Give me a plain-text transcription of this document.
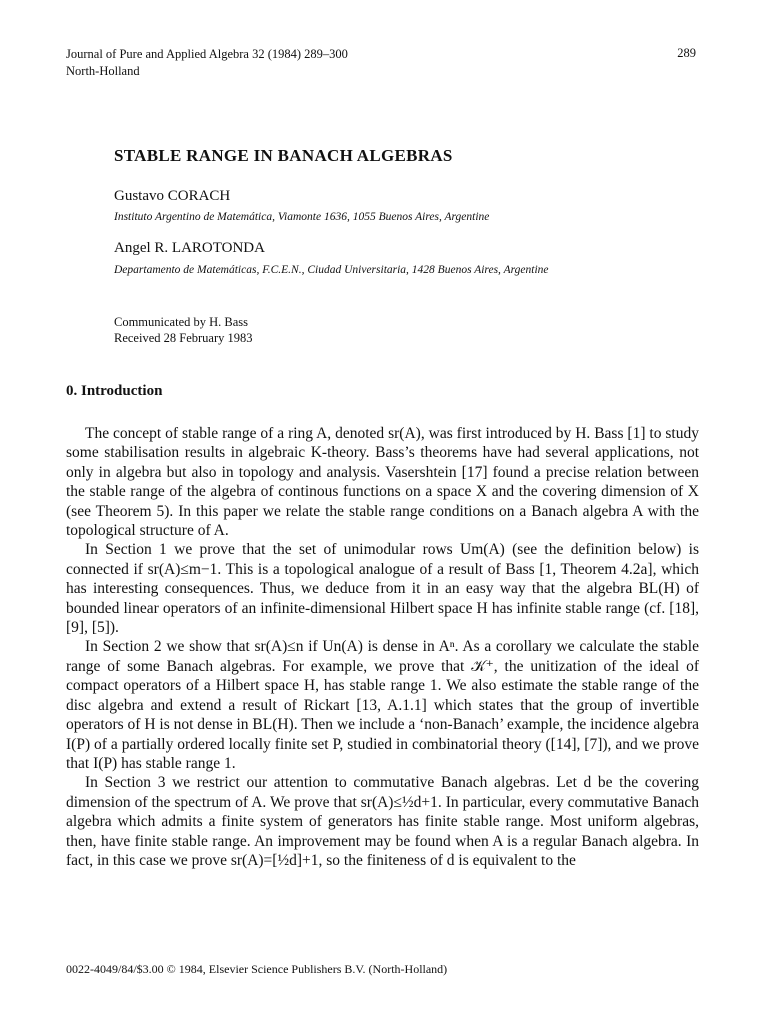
Journal of Pure and Applied Algebra 32 (1984) 289–300
North-Holland
289
STABLE RANGE IN BANACH ALGEBRAS
Gustavo CORACH
Instituto Argentino de Matemática, Viamonte 1636, 1055 Buenos Aires, Argentine
Angel R. LAROTONDA
Departamento de Matemáticas, F.C.E.N., Ciudad Universitaria, 1428 Buenos Aires, Argentine
Communicated by H. Bass
Received 28 February 1983
0. Introduction

The concept of stable range of a ring A, denoted sr(A), was first introduced by H. Bass [1] to study some stabilisation results in algebraic K-theory. Bass’s theorems have had several applications, not only in algebra but also in topology and analysis. Vasershtein [17] found a precise relation between the stable range of the algebra of continous functions on a space X and the covering dimension of X (see Theorem 5). In this paper we relate the stable range conditions on a Banach algebra A with the topological structure of A.

In Section 1 we prove that the set of unimodular rows Um(A) (see the definition below) is connected if sr(A)≤m−1. This is a topological analogue of a result of Bass [1, Theorem 4.2a], which has interesting consequences. Thus, we deduce from it in an easy way that the algebra BL(H) of bounded linear operators of an infinite-dimensional Hilbert space H has infinite stable range (cf. [18], [9], [5]).

In Section 2 we show that sr(A)≤n if Un(A) is dense in Aⁿ. As a corollary we calculate the stable range of some Banach algebras. For example, we prove that 𝒦⁺, the unitization of the ideal of compact operators of a Hilbert space H, has stable range 1. We also estimate the stable range of the disc algebra and extend a result of Rickart [13, A.1.1] which states that the group of invertible operators of H is not dense in BL(H). Then we include a ‘non-Banach’ example, the incidence algebra I(P) of a partially ordered locally finite set P, studied in combinatorial theory ([14], [7]), and we prove that I(P) has stable range 1.

In Section 3 we restrict our attention to commutative Banach algebras. Let d be the covering dimension of the spectrum of A. We prove that sr(A)≤½d+1. In particular, every commutative Banach algebra which admits a finite system of generators has finite stable range. Most uniform algebras, then, have finite stable range. An improvement may be found when A is a regular Banach algebra. In fact, in this case we prove sr(A)=[½d]+1, so the finiteness of d is equivalent to the

0022-4049/84/$3.00 © 1984, Elsevier Science Publishers B.V. (North-Holland)
